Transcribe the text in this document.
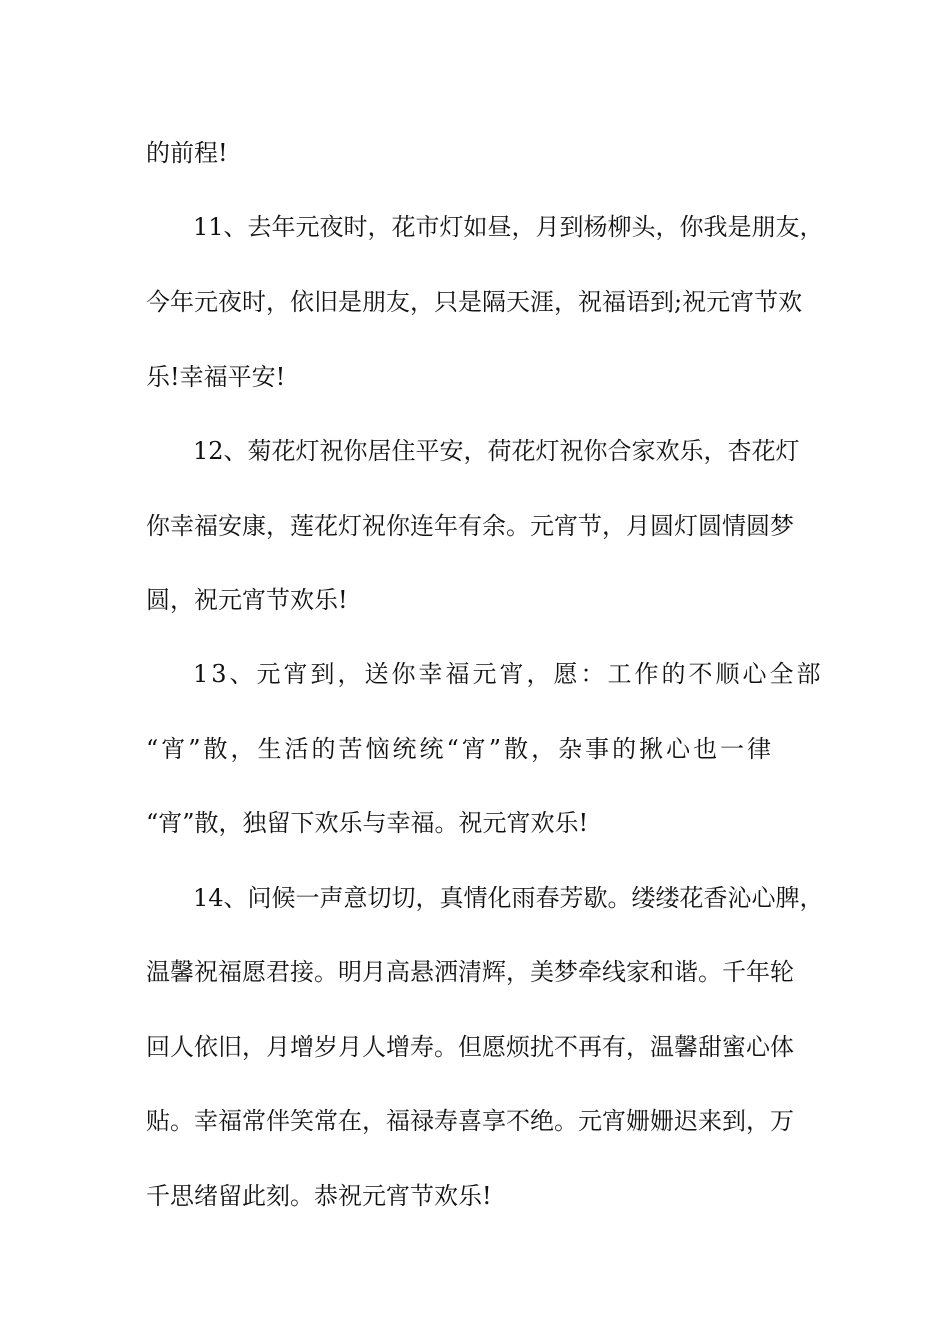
的前程!
11、去年元夜时，花市灯如昼，月到杨柳头，你我是朋友，
今年元夜时，依旧是朋友，只是隔天涯，祝福语到;祝元宵节欢
乐!幸福平安!
12、菊花灯祝你居住平安，荷花灯祝你合家欢乐，杏花灯
你幸福安康，莲花灯祝你连年有余。元宵节，月圆灯圆情圆梦
圆，祝元宵节欢乐!
13、元宵到，送你幸福元宵，愿：工作的不顺心全部
“宵”散，生活的苦恼统统“宵”散，杂事的揪心也一律
“宵”散，独留下欢乐与幸福。祝元宵欢乐!
14、问候一声意切切，真情化雨春芳歇。缕缕花香沁心脾，
温馨祝福愿君接。明月高悬洒清辉，美梦牵线家和谐。千年轮
回人依旧，月增岁月人增寿。但愿烦扰不再有，温馨甜蜜心体
贴。幸福常伴笑常在，福禄寿喜享不绝。元宵姗姗迟来到，万
千思绪留此刻。恭祝元宵节欢乐!
